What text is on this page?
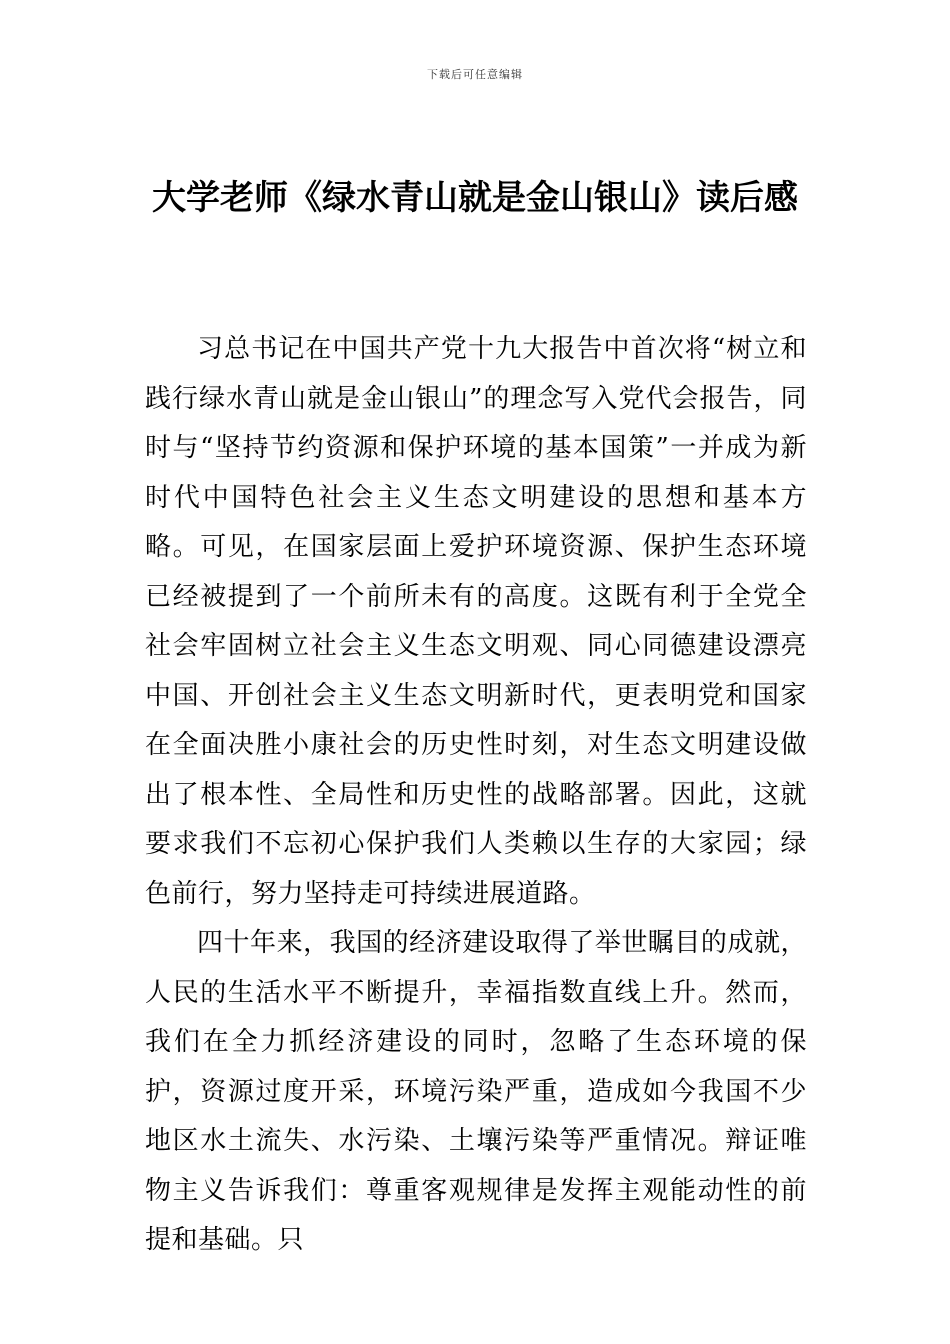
下载后可任意编辑
大学老师《绿水青山就是金山银山》读后感

习总书记在中国共产党十九大报告中首次将“树立和践行绿水青山就是金山银山”的理念写入党代会报告，同时与“坚持节约资源和保护环境的基本国策”一并成为新时代中国特色社会主义生态文明建设的思想和基本方略。可见，在国家层面上爱护环境资源、保护生态环境已经被提到了一个前所未有的高度。这既有利于全党全社会牢固树立社会主义生态文明观、同心同德建设漂亮中国、开创社会主义生态文明新时代，更表明党和国家在全面决胜小康社会的历史性时刻，对生态文明建设做出了根本性、全局性和历史性的战略部署。因此，这就要求我们不忘初心保护我们人类赖以生存的大家园；绿色前行，努力坚持走可持续进展道路。

四十年来，我国的经济建设取得了举世瞩目的成就，人民的生活水平不断提升，幸福指数直线上升。然而，我们在全力抓经济建设的同时，忽略了生态环境的保护，资源过度开采，环境污染严重，造成如今我国不少地区水土流失、水污染、土壤污染等严重情况。辩证唯物主义告诉我们：尊重客观规律是发挥主观能动性的前提和基础。只
